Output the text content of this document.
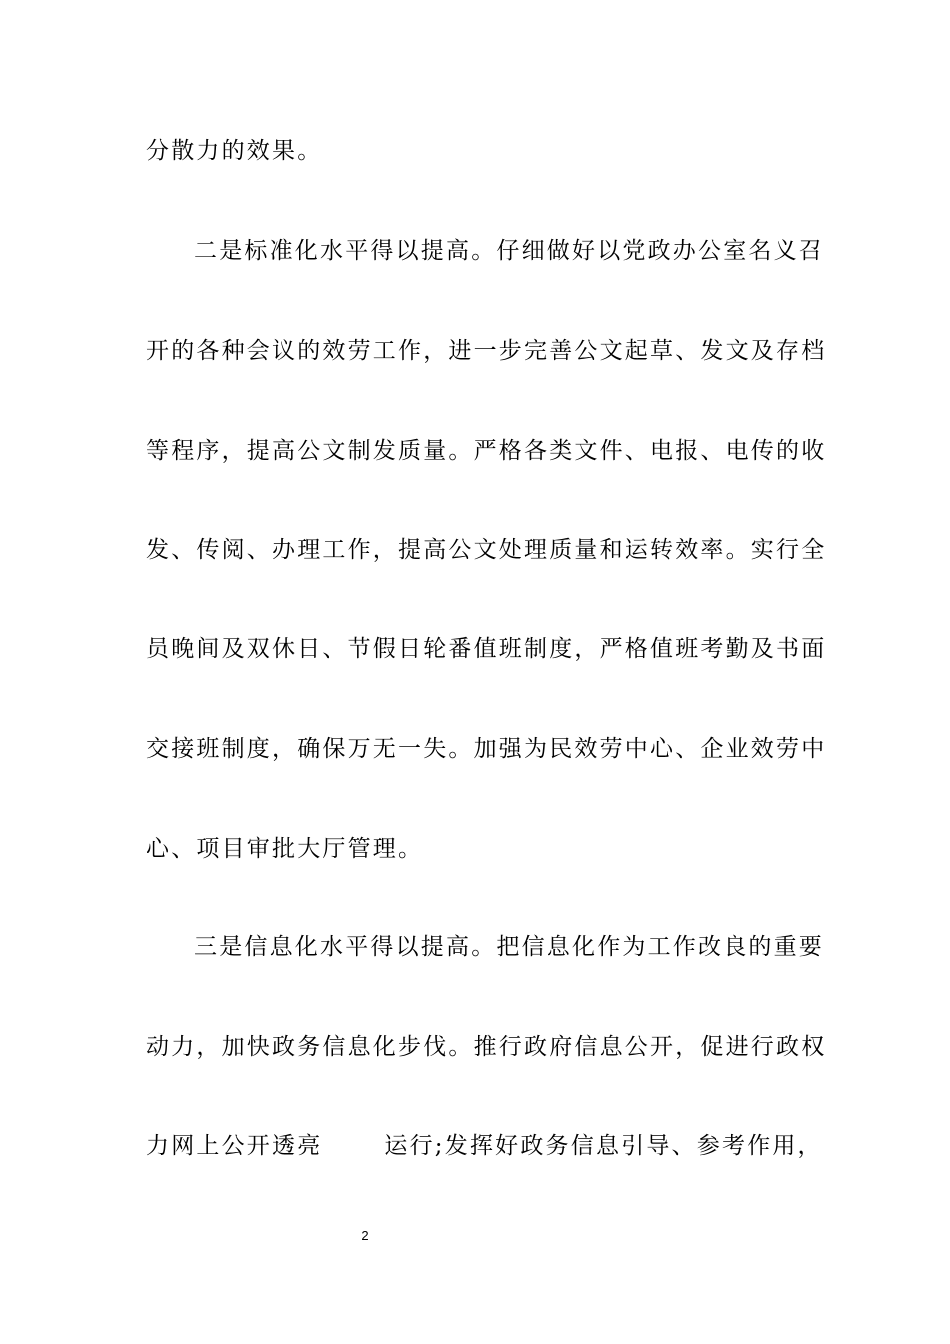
分散力的效果。
二是标准化水平得以提高。仔细做好以党政办公室名义召
开的各种会议的效劳工作，进一步完善公文起草、发文及存档
等程序，提高公文制发质量。严格各类文件、电报、电传的收
发、传阅、办理工作，提高公文处理质量和运转效率。实行全
员晚间及双休日、节假日轮番值班制度，严格值班考勤及书面
交接班制度，确保万无一失。加强为民效劳中心、企业效劳中
心、项目审批大厅管理。
三是信息化水平得以提高。把信息化作为工作改良的重要
动力，加快政务信息化步伐。推行政府信息公开，促进行政权
力网上公开透亮	运行;发挥好政务信息引导、参考作用，
2
